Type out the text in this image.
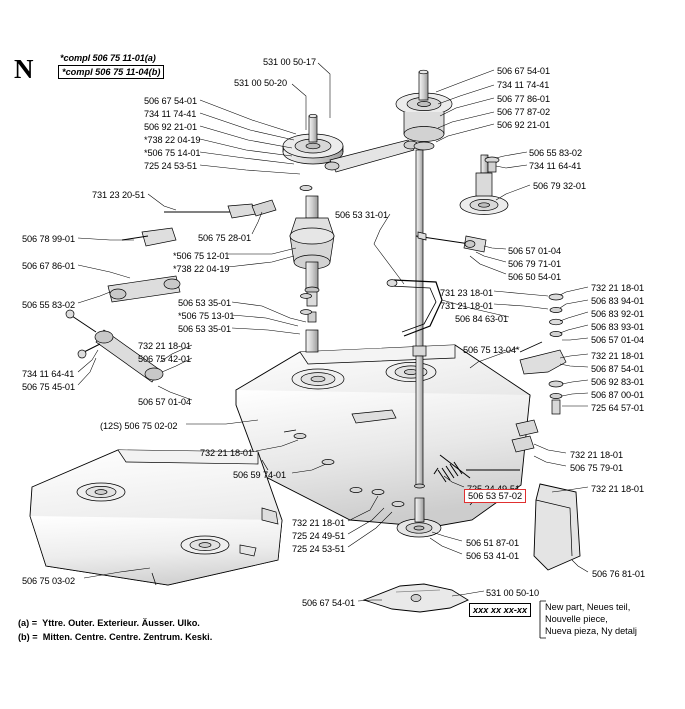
N	*compl 506 75 11-01(a)
*compl 506 75 11-04(b)
531 00 50-17
531 00 50-20
506 67 54-01
734 11 74-41
506 77 86-01
506 77 87-02
506 92 21-01
506 67 54-01
734 11 74-41
506 92 21-01
*738 22 04-19
*506 75 14-01
725 24 53-51
506 55 83-02
734 11 64-41
506 79 32-01
731 23 20-51
506 75 28-01
506 53 31-01
506 78 99-01
*506 75 12-01
*738 22 04-19
506 57 01-04
506 79 71-01
506 50 54-01
506 67 86-01
731 23 18-01
731 21 18-01
506 84 63-01
732 21 18-01
506 83 94-01
506 83 92-01
506 83 93-01
506 57 01-04
506 55 83-02	506 53 35-01
*506 75 13-01
506 53 35-01
506 75 13-04*
732 21 18-01
506 75 42-01	732 21 18-01
506 87 54-01
506 92 83-01
506 87 00-01
725 64 57-01
734 11 64-41
506 75 45-01
506 57 01-04
(12S) 506 75 02-02
732 21 18-01
506 75 79-01
732 21 18-01
506 59 74-01
732 21 18-01
732 21 18-01
725 24 49-51
725 24 53-51
506 51 87-01
506 53 41-01
506 76 81-01
506 75 03-02
506 67 54-01
531 00 50-10
506 53 57-02
xxx xx xx-xx	New part, Neues teil,
Nouvelle piece,
Nueva pieza, Ny detalj
(a) =  Yttre. Outer. Exterieur. Äusser. Ulko.
(b) =  Mitten. Centre. Centre. Zentrum. Keski.
